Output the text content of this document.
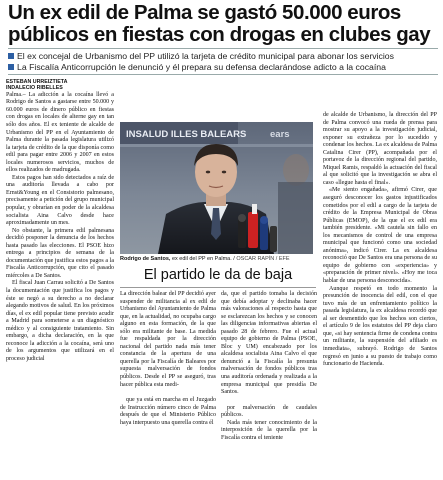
Un ex edil de Palma se gastó 50.000 euros
públicos en fiestas con drogas en clubes gay
El ex concejal de Urbanismo del PP utilizó la tarjeta de crédito municipal para abonar los servicios
La Fiscalía Anticorrupción le denunció y él prepara su defensa declarándose adicto a la cocaína
ESTEBAN URREIZTIETA
INDALECIO RIBELLES

Palma.– La adicción a la cocaína llevó a Rodrigo de Santos a gastarse entre 50.000 y 60.000 euros de dinero público en fiestas con drogas en locales de alterne gay en tan sólo dos años. El ex teniente de alcalde de Urbanismo del PP en el Ayuntamiento de Palma durante la pasada legislatura utilizó la tarjeta de crédito de la que disponía como edil para pagar entre 2006 y 2007 en estos locales numerosos servicios, muchos de ellos realizados de madrugada.

Estos pagos han sido detectados a raíz de una auditoría llevada a cabo por Ernst&Young en el Consistorio palmesano, precisamente a petición del grupo municipal popular, y obrarían en poder de la alcaldesa socialista Aina Calvo desde hace aproximadamente un mes.

No obstante, la primera edil palmesana decidió posponer la denuncia de los hechos hasta pasado las elecciones. El PSOE hizo entrega a principios de semana de la documentación que justifica estos pagos a la Fiscalía Anticorrupción, que cito el pasado miércoles a De Santos.

El fiscal Juan Carrau solicitó a De Santos la documentación que justifica los pagos y éste se negó a su derecho a no declarar alegando motivos de salud. En los próximos días, el ex edil popular tiene previsto acudir a Madrid para someterse a un diagnóstico médico y al consiguiente tratamiento. Sin embargo, a dicha declaración, en la que reconoce la adicción a la cocaína, será uno de los argumentos que utilizará en el proceso judicial

INSALUD ILLES BALEARS ears
Rodrigo de Santos, ex edil del PP en Palma. / OSCAR RAPÍN / EFE
El partido le da de baja

La dirección balear del PP decidió ayer suspender de militancia al ex edil de Urbanismo del Ayuntamiento de Palma que, en la actualidad, no ocupaba cargo alguno en esta formación, de la que sólo era militante de base. La medida fue respaldada por la dirección nacional del partido nada más tener constancia de la apertura de una querella por la Fiscalía de Baleares por supuesta malversación de fondos públicos. Desde el PP se aseguró, tras hacer pública esta medi-

que ya está en marcha en el Juzgado de Instrucción número cinco de Palma después de que el Ministerio Público haya interpuesto una querella contra él

da, que el partido tomaba la decisión que debía adoptar y declinaba hacer más valoraciones al respecto hasta que se esclarezcan los hechos y se conocen las diligencias informativas abiertas el pasado 28 de febrero. Fue el actual equipo de gobierno de Palma (PSOE, Bloc y UM) encabezado por los alcaldesa socialista Aina Calvo el que denunció a la Fiscalía la presunta malversación de fondos públicos tras una auditoría ordenada y realizada a la empresa municipal que presidía De Santos.

por malversación de caudales públicos.

Nada más tener conocimiento de la interposición de la querella por la Fiscalía contra el teniente

de alcalde de Urbanismo, la dirección del PP de Palma convocó una rueda de prensa para mostrar su apoyo a la investigación judicial, exponer su extrañeza por lo sucedido y condenar los hechos. La ex alcaldesa de Palma Catalina Cirer (PP), acompañada por el portavoz de la dirección regional del partido, Miquel Ramis, respaldó la actuación del fiscal al que solicitó que la investigación se abra el caso «llegue hasta el final».

«Me siento engañada», afirmó Cirer, que aseguró desconocer los gastos injustificados cometidos por el edil a cargo de la tarjeta de crédito de la Empresa Municipal de Obras Públicas (EMOP), de la que el ex edil era también presidente. «Mi cautela sin fallo en los mecanismos de control de una empresa municipal que funcionó como una sociedad anónima», indicó Cirer. La ex alcaldesa reconoció que De Santos era una persona de su equipo de gobierno con «experiencia» y «preparación de primer nivel». «Hoy me toca hablar de una persona desconocida».

Aunque respetó en todo momento la presunción de inocencia del edil, con el que tuvo más de un enfrentamiento político la pasada legislatura, la ex alcaldesa recordó que al ser desmentido que los hechos son ciertos, el artículo 9 de los estatutos del PP deja claro que, «si hay sentencia firme de condena contra un militante, la suspensión del afiliado es inmediata», subrayó. Rodrigo de Santos regresó en junio a su puesto de trabajo como funcionario de Hacienda.
